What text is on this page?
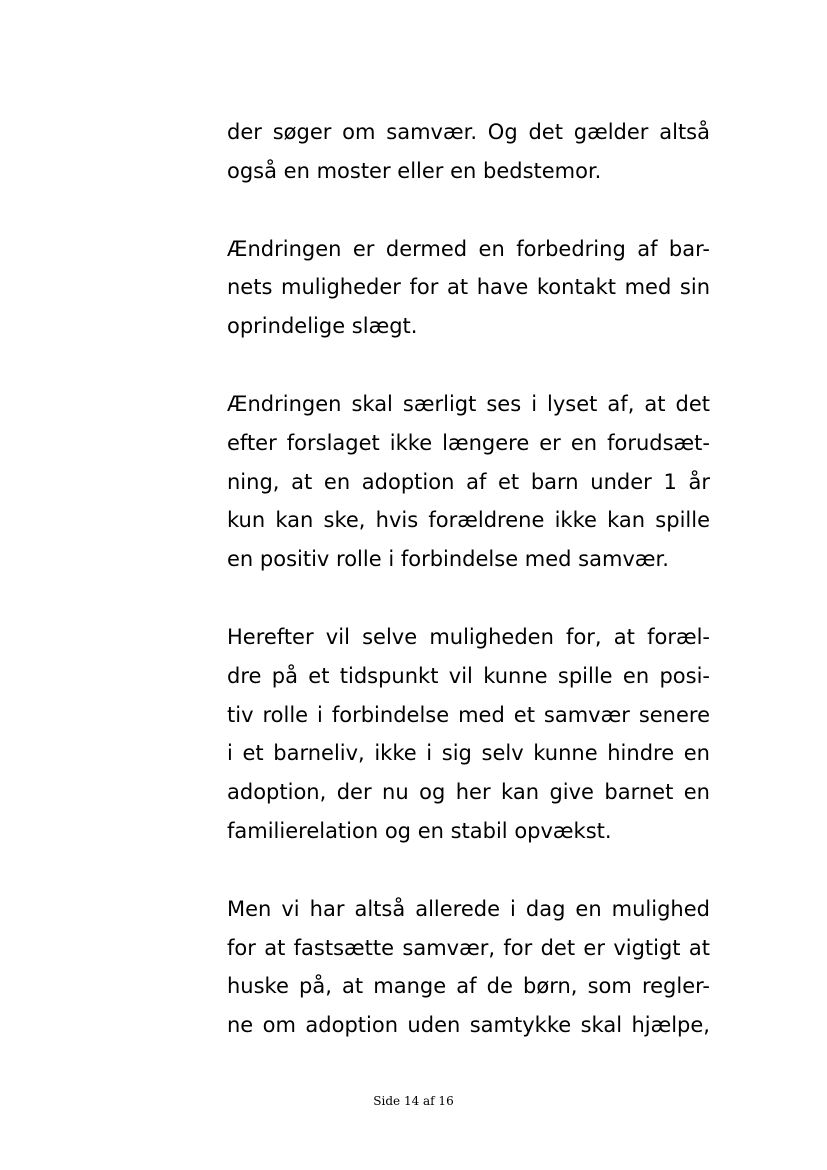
der søger om samvær. Og det gælder altså
også en moster eller en bedstemor.
Ændringen er dermed en forbedring af bar-
nets muligheder for at have kontakt med sin
oprindelige slægt.
Ændringen skal særligt ses i lyset af, at det
efter forslaget ikke længere er en forudsæt-
ning, at en adoption af et barn under 1 år
kun kan ske, hvis forældrene ikke kan spille
en positiv rolle i forbindelse med samvær.
Herefter vil selve muligheden for, at foræl-
dre på et tidspunkt vil kunne spille en posi-
tiv rolle i forbindelse med et samvær senere
i et barneliv, ikke i sig selv kunne hindre en
adoption, der nu og her kan give barnet en
familierelation og en stabil opvækst.
Men vi har altså allerede i dag en mulighed
for at fastsætte samvær, for det er vigtigt at
huske på, at mange af de børn, som regler-
ne om adoption uden samtykke skal hjælpe,
Side 14 af 16
